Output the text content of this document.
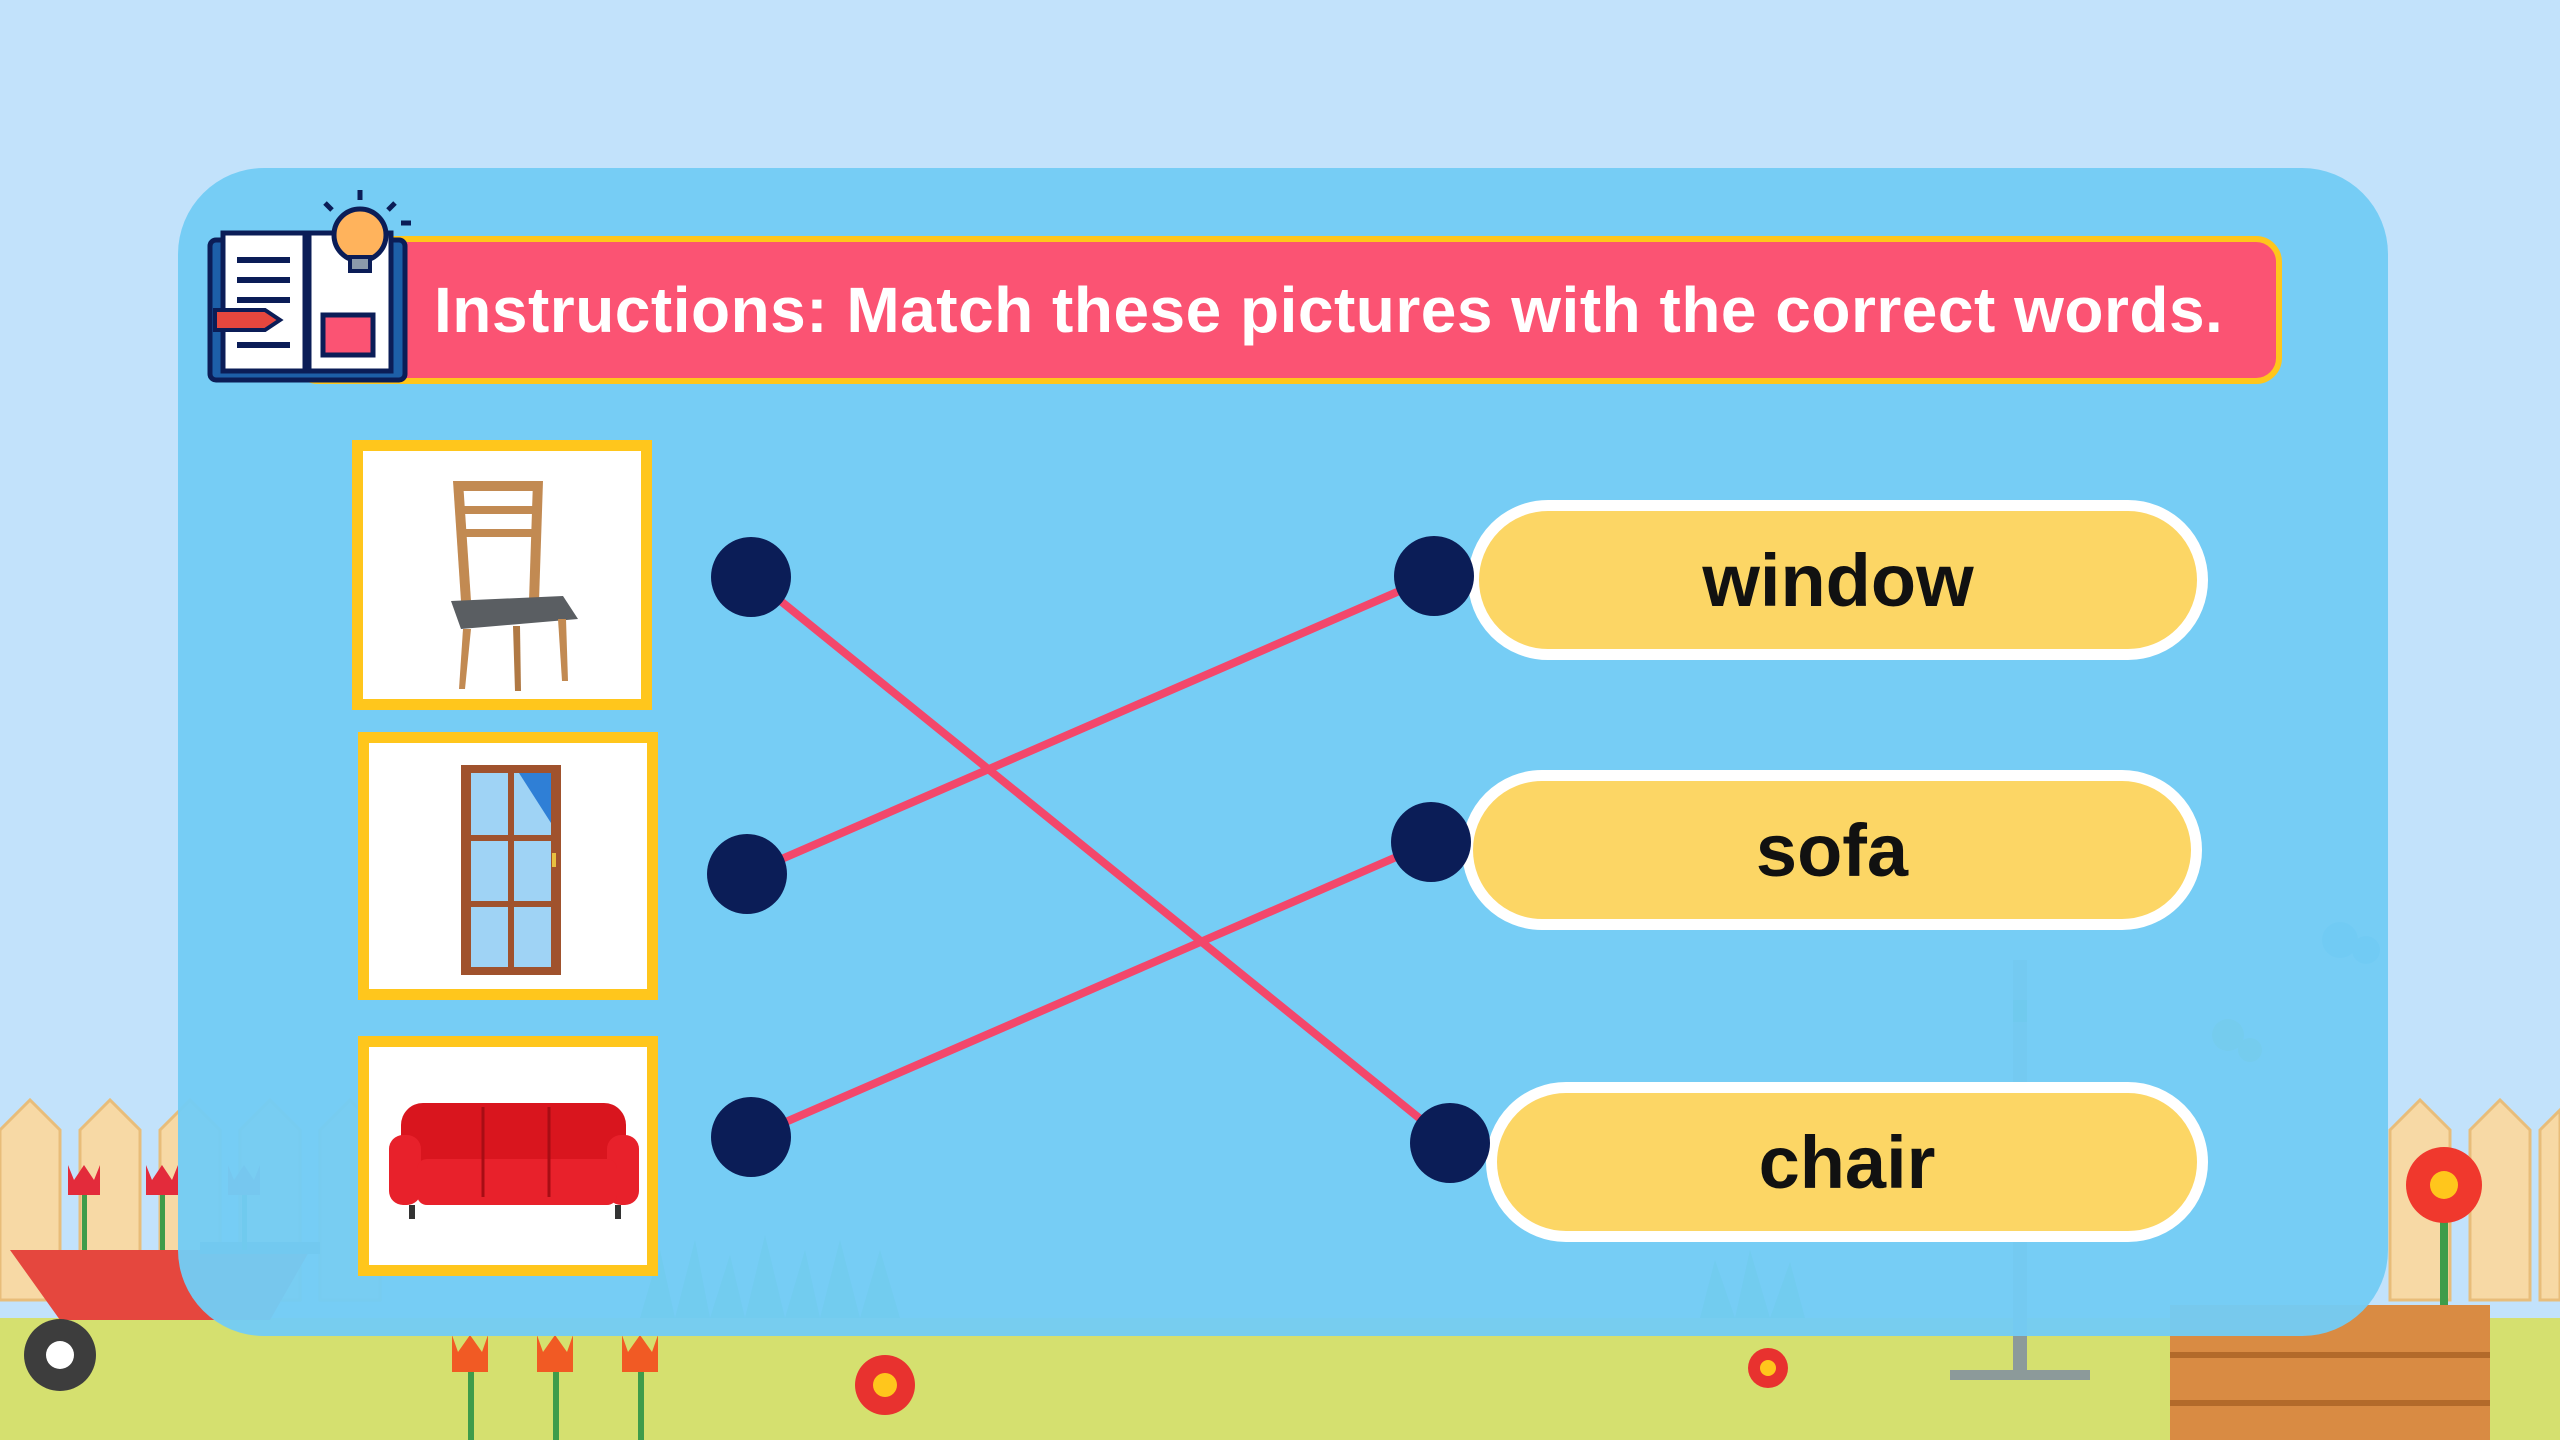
Instructions: Match these pictures with the correct words.
window
sofa
chair
